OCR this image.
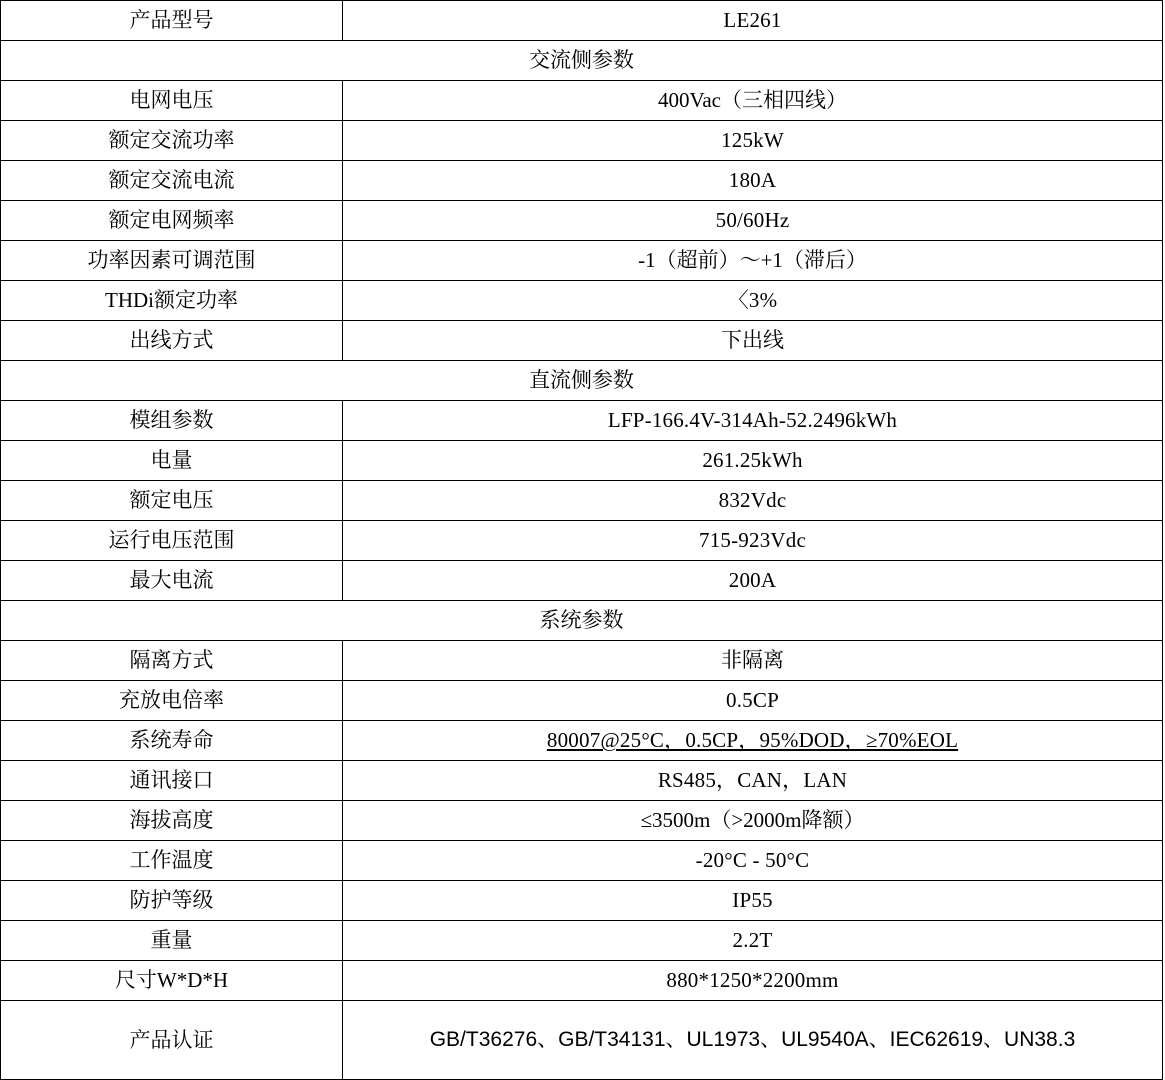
产品型号	LE261
交流侧参数	
电网电压	400Vac（三相四线）
额定交流功率	125kW
额定交流电流	180A
额定电网频率	50/60Hz
功率因素可调范围	-1（超前）～+1（滞后）
THDi额定功率	〈3%
出线方式	下出线
直流侧参数	
模组参数	LFP-166.4V-314Ah-52.2496kWh
电量	261.25kWh
额定电压	832Vdc
运行电压范围	715-923Vdc
最大电流	200A
系统参数	
隔离方式	非隔离
充放电倍率	0.5CP
系统寿命	80007@25°C，0.5CP，95%DOD，≥70%EOL
通讯接口	RS485，CAN，LAN
海拔高度	≤3500m（>2000m降额）
工作温度	-20°C - 50°C
防护等级	IP55
重量	2.2T
尺寸W*D*H	880*1250*2200mm
产品认证	GB/T36276、GB/T34131、UL1973、UL9540A、IEC62619、UN38.3
